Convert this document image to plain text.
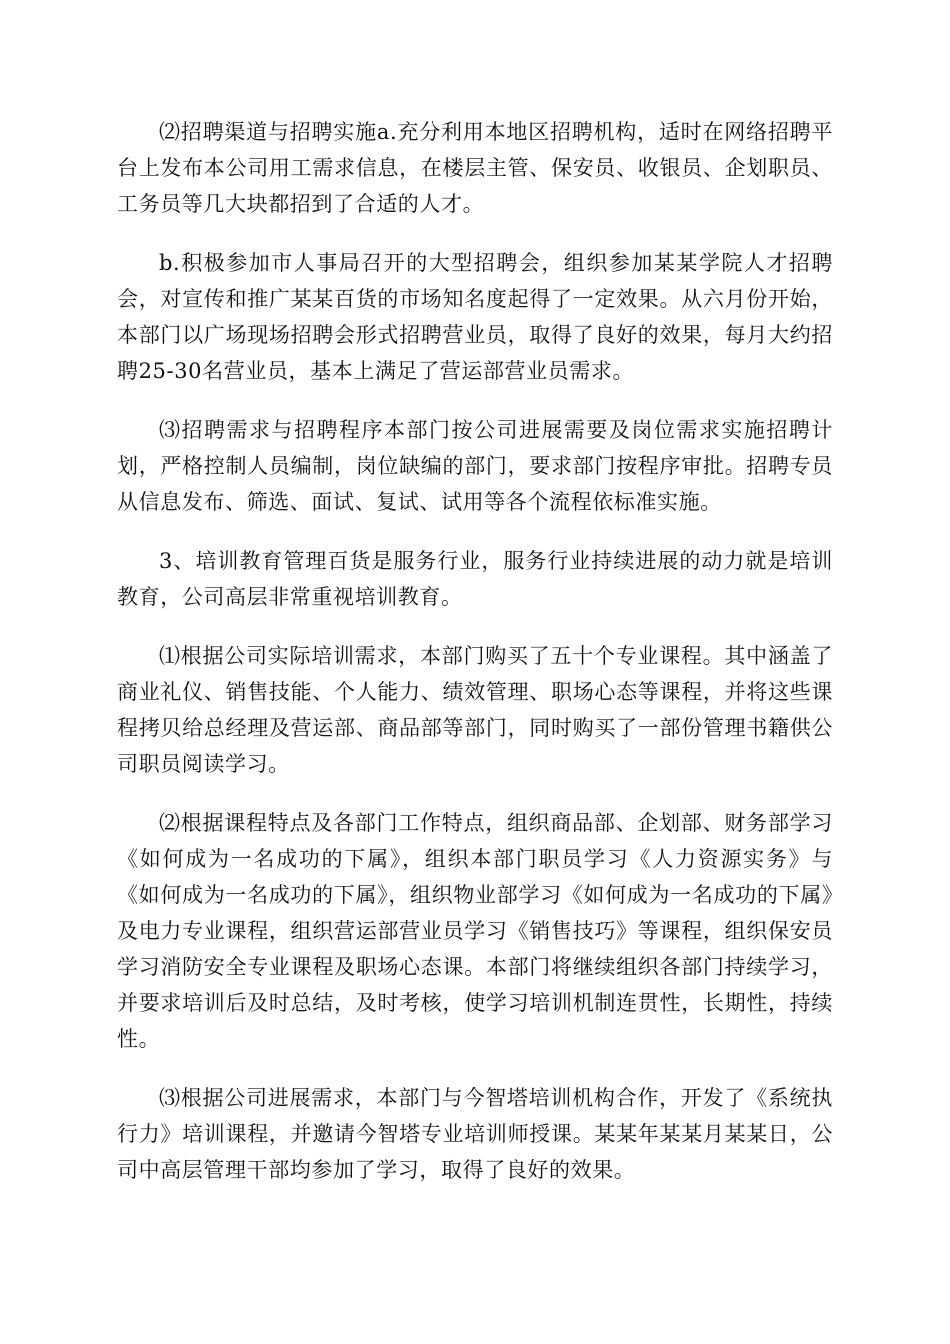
⑵招聘渠道与招聘实施a.充分利用本地区招聘机构，适时在网络招聘平台上发布本公司用工需求信息，在楼层主管、保安员、收银员、企划职员、工务员等几大块都招到了合适的人才。

b.积极参加市人事局召开的大型招聘会，组织参加某某学院人才招聘会，对宣传和推广某某百货的市场知名度起得了一定效果。从六月份开始，本部门以广场现场招聘会形式招聘营业员，取得了良好的效果，每月大约招聘25-30名营业员，基本上满足了营运部营业员需求。

⑶招聘需求与招聘程序本部门按公司进展需要及岗位需求实施招聘计划，严格控制人员编制，岗位缺编的部门，要求部门按程序审批。招聘专员从信息发布、筛选、面试、复试、试用等各个流程依标准实施。

3、培训教育管理百货是服务行业，服务行业持续进展的动力就是培训教育，公司高层非常重视培训教育。

⑴根据公司实际培训需求，本部门购买了五十个专业课程。其中涵盖了商业礼仪、销售技能、个人能力、绩效管理、职场心态等课程，并将这些课程拷贝给总经理及营运部、商品部等部门，同时购买了一部份管理书籍供公司职员阅读学习。

⑵根据课程特点及各部门工作特点，组织商品部、企划部、财务部学习《如何成为一名成功的下属》，组织本部门职员学习《人力资源实务》与《如何成为一名成功的下属》，组织物业部学习《如何成为一名成功的下属》及电力专业课程，组织营运部营业员学习《销售技巧》等课程，组织保安员学习消防安全专业课程及职场心态课。本部门将继续组织各部门持续学习，并要求培训后及时总结，及时考核，使学习培训机制连贯性，长期性，持续性。

⑶根据公司进展需求，本部门与今智塔培训机构合作，开发了《系统执行力》培训课程，并邀请今智塔专业培训师授课。某某年某某月某某日，公司中高层管理干部均参加了学习，取得了良好的效果。
